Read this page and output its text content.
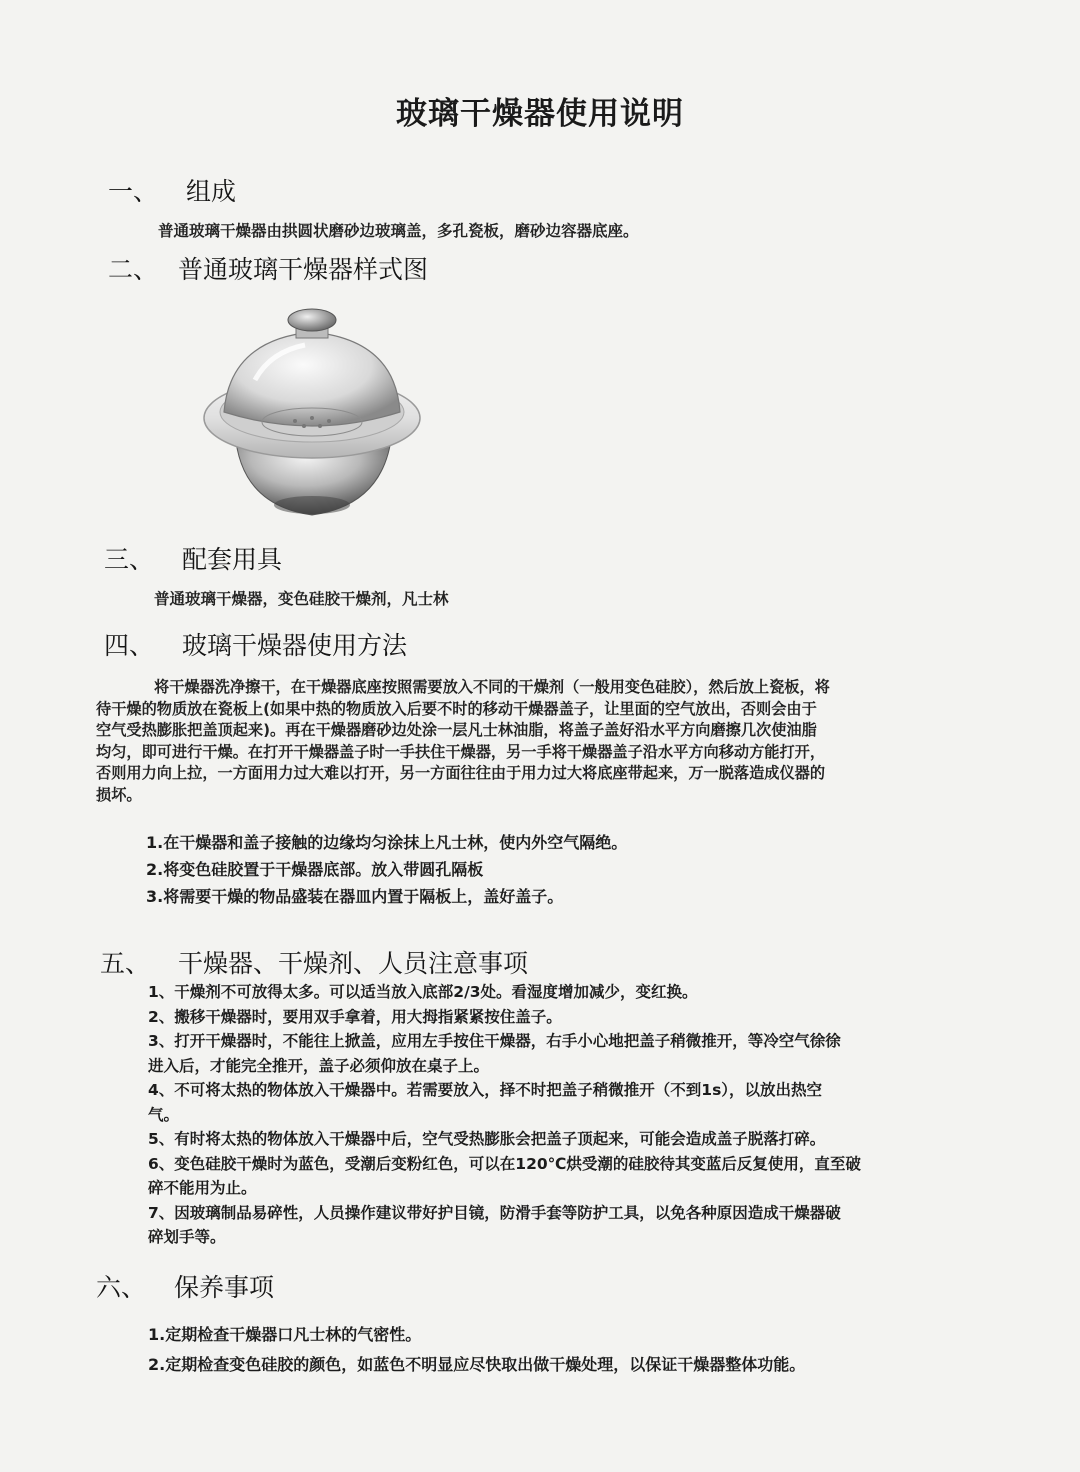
玻璃干燥器使用说明
一、 组成
普通玻璃干燥器由拱圆状磨砂边玻璃盖，多孔瓷板，磨砂边容器底座。
二、 普通玻璃干燥器样式图
三、 配套用具
普通玻璃干燥器，变色硅胶干燥剂，凡士林
四、 玻璃干燥器使用方法
将干燥器洗净擦干，在干燥器底座按照需要放入不同的干燥剂（一般用变色硅胶），然后放上瓷板，将
待干燥的物质放在瓷板上(如果中热的物质放入后要不时的移动干燥器盖子，让里面的空气放出，否则会由于
空气受热膨胀把盖顶起来)。再在干燥器磨砂边处涂一层凡士林油脂，将盖子盖好沿水平方向磨擦几次使油脂
均匀，即可进行干燥。在打开干燥器盖子时一手扶住干燥器，另一手将干燥器盖子沿水平方向移动方能打开，
否则用力向上拉，一方面用力过大难以打开，另一方面往往由于用力过大将底座带起来，万一脱落造成仪器的
损坏。
1.在干燥器和盖子接触的边缘均匀涂抹上凡士林，使内外空气隔绝。
2.将变色硅胶置于干燥器底部。放入带圆孔隔板
3.将需要干燥的物品盛装在器皿内置于隔板上，盖好盖子。
五、 干燥器、干燥剂、人员注意事项
1、干燥剂不可放得太多。可以适当放入底部2/3处。看湿度增加减少，变红换。
2、搬移干燥器时，要用双手拿着，用大拇指紧紧按住盖子。
3、打开干燥器时，不能往上掀盖，应用左手按住干燥器，右手小心地把盖子稍微推开，等冷空气徐徐
进入后，才能完全推开，盖子必须仰放在桌子上。
4、不可将太热的物体放入干燥器中。若需要放入，择不时把盖子稍微推开（不到1s），以放出热空
气。
5、有时将太热的物体放入干燥器中后，空气受热膨胀会把盖子顶起来，可能会造成盖子脱落打碎。
6、变色硅胶干燥时为蓝色，受潮后变粉红色，可以在120℃烘受潮的硅胶待其变蓝后反复使用，直至破
碎不能用为止。
7、因玻璃制品易碎性，人员操作建议带好护目镜，防滑手套等防护工具，以免各种原因造成干燥器破
碎划手等。
六、 保养事项
1.定期检查干燥器口凡士林的气密性。
2.定期检查变色硅胶的颜色，如蓝色不明显应尽快取出做干燥处理，以保证干燥器整体功能。
